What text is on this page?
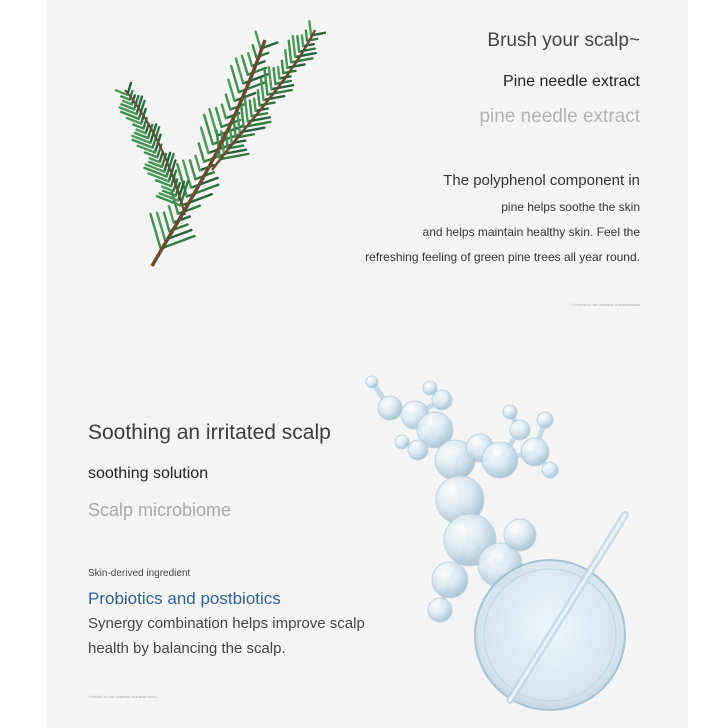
Brush your scalp~

Pine needle extract

pine needle extract

The polyphenol component in

pine helps soothe the skin

and helps maintain healthy skin. Feel the

refreshing feeling of green pine trees all year round.

*Limited to raw material characteristics

Soothing an irritated scalp

soothing solution

Scalp microbiome

Skin-derived ingredient

Probiotics and postbiotics

Synergy combination helps improve scalp

health by balancing the scalp.

*Limited to raw material characteristics
